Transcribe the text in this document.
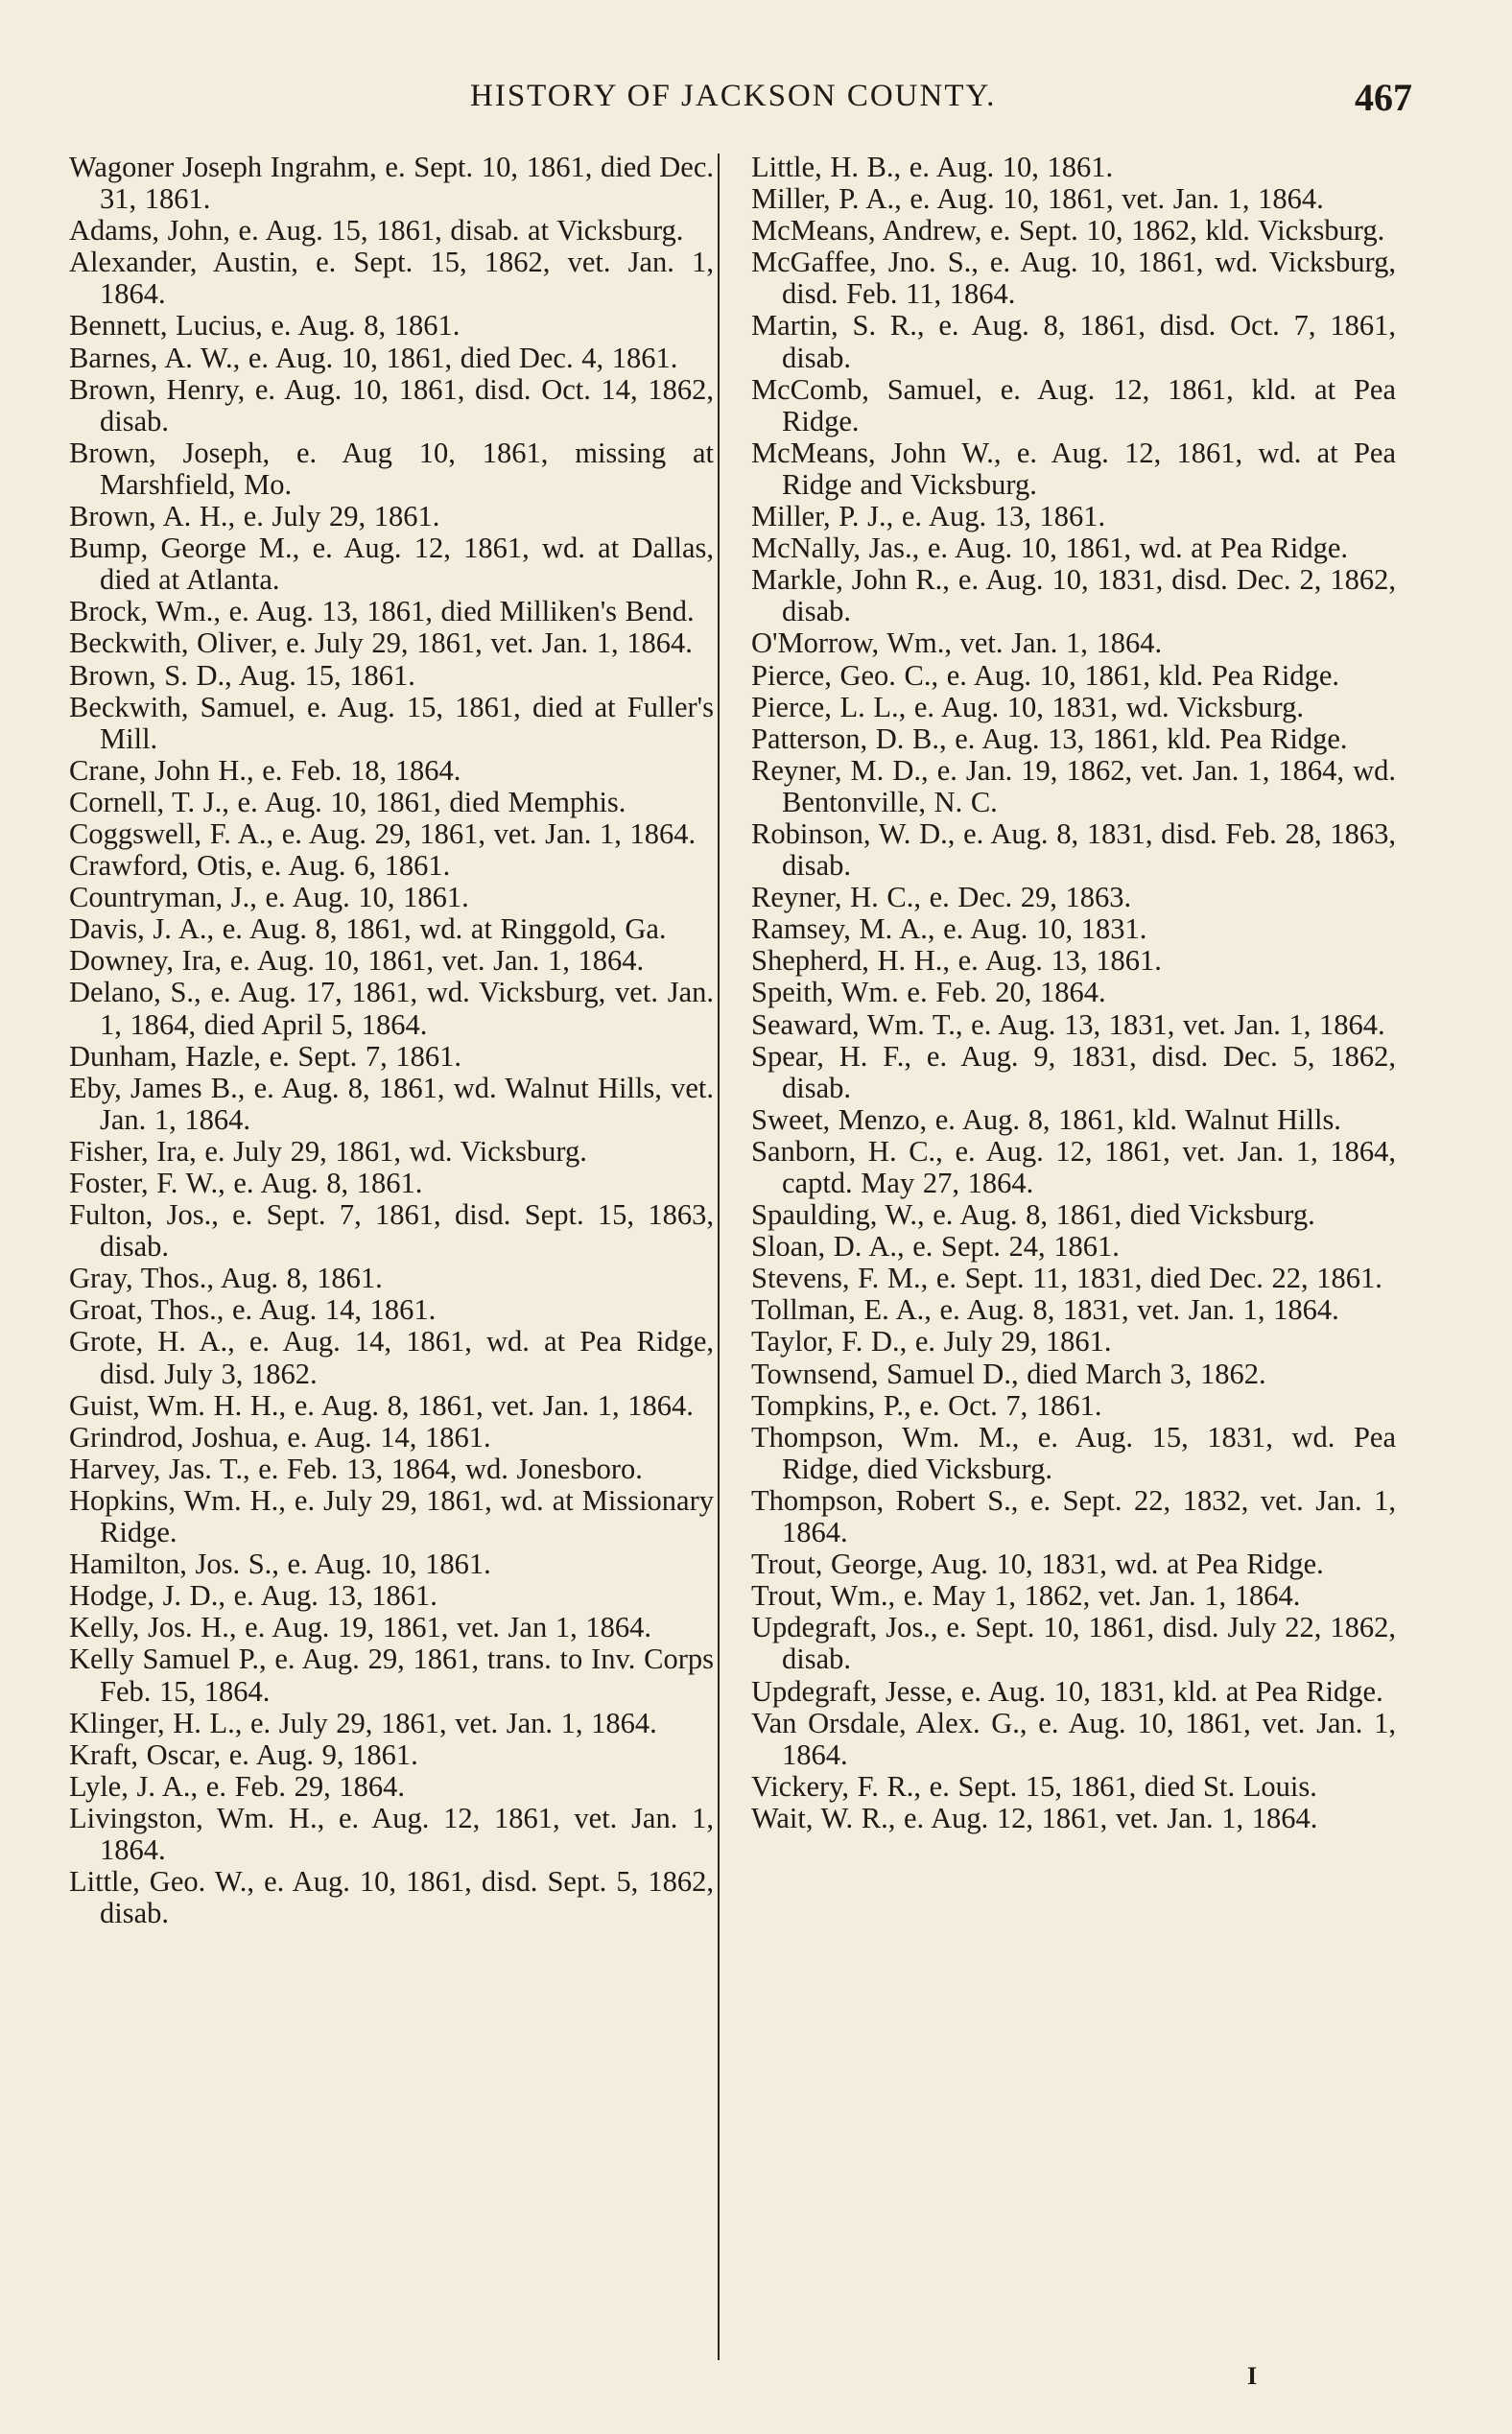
HISTORY OF JACKSON COUNTY.	467

Wagoner Joseph Ingrahm, e. Sept. 10, 1861, died Dec. 31, 1861.

Adams, John, e. Aug. 15, 1861, disab. at Vicksburg.

Alexander, Austin, e. Sept. 15, 1862, vet. Jan. 1, 1864.

Bennett, Lucius, e. Aug. 8, 1861.

Barnes, A. W., e. Aug. 10, 1861, died Dec. 4, 1861.

Brown, Henry, e. Aug. 10, 1861, disd. Oct. 14, 1862, disab.

Brown, Joseph, e. Aug 10, 1861, missing at Marshfield, Mo.

Brown, A. H., e. July 29, 1861.

Bump, George M., e. Aug. 12, 1861, wd. at Dallas, died at Atlanta.

Brock, Wm., e. Aug. 13, 1861, died Milliken's Bend.

Beckwith, Oliver, e. July 29, 1861, vet. Jan. 1, 1864.

Brown, S. D., Aug. 15, 1861.

Beckwith, Samuel, e. Aug. 15, 1861, died at Fuller's Mill.

Crane, John H., e. Feb. 18, 1864.

Cornell, T. J., e. Aug. 10, 1861, died Memphis.

Coggswell, F. A., e. Aug. 29, 1861, vet. Jan. 1, 1864.

Crawford, Otis, e. Aug. 6, 1861.

Countryman, J., e. Aug. 10, 1861.

Davis, J. A., e. Aug. 8, 1861, wd. at Ringgold, Ga.

Downey, Ira, e. Aug. 10, 1861, vet. Jan. 1, 1864.

Delano, S., e. Aug. 17, 1861, wd. Vicksburg, vet. Jan. 1, 1864, died April 5, 1864.

Dunham, Hazle, e. Sept. 7, 1861.

Eby, James B., e. Aug. 8, 1861, wd. Walnut Hills, vet. Jan. 1, 1864.

Fisher, Ira, e. July 29, 1861, wd. Vicksburg.

Foster, F. W., e. Aug. 8, 1861.

Fulton, Jos., e. Sept. 7, 1861, disd. Sept. 15, 1863, disab.

Gray, Thos., Aug. 8, 1861.

Groat, Thos., e. Aug. 14, 1861.

Grote, H. A., e. Aug. 14, 1861, wd. at Pea Ridge, disd. July 3, 1862.

Guist, Wm. H. H., e. Aug. 8, 1861, vet. Jan. 1, 1864.

Grindrod, Joshua, e. Aug. 14, 1861.

Harvey, Jas. T., e. Feb. 13, 1864, wd. Jonesboro.

Hopkins, Wm. H., e. July 29, 1861, wd. at Missionary Ridge.

Hamilton, Jos. S., e. Aug. 10, 1861.

Hodge, J. D., e. Aug. 13, 1861.

Kelly, Jos. H., e. Aug. 19, 1861, vet. Jan 1, 1864.

Kelly Samuel P., e. Aug. 29, 1861, trans. to Inv. Corps Feb. 15, 1864.

Klinger, H. L., e. July 29, 1861, vet. Jan. 1, 1864.

Kraft, Oscar, e. Aug. 9, 1861.

Lyle, J. A., e. Feb. 29, 1864.

Livingston, Wm. H., e. Aug. 12, 1861, vet. Jan. 1, 1864.

Little, Geo. W., e. Aug. 10, 1861, disd. Sept. 5, 1862, disab.

Little, H. B., e. Aug. 10, 1861.

Miller, P. A., e. Aug. 10, 1861, vet. Jan. 1, 1864.

McMeans, Andrew, e. Sept. 10, 1862, kld. Vicksburg.

McGaffee, Jno. S., e. Aug. 10, 1861, wd. Vicksburg, disd. Feb. 11, 1864.

Martin, S. R., e. Aug. 8, 1861, disd. Oct. 7, 1861, disab.

McComb, Samuel, e. Aug. 12, 1861, kld. at Pea Ridge.

McMeans, John W., e. Aug. 12, 1861, wd. at Pea Ridge and Vicksburg.

Miller, P. J., e. Aug. 13, 1861.

McNally, Jas., e. Aug. 10, 1861, wd. at Pea Ridge.

Markle, John R., e. Aug. 10, 1831, disd. Dec. 2, 1862, disab.

O'Morrow, Wm., vet. Jan. 1, 1864.

Pierce, Geo. C., e. Aug. 10, 1861, kld. Pea Ridge.

Pierce, L. L., e. Aug. 10, 1831, wd. Vicksburg.

Patterson, D. B., e. Aug. 13, 1861, kld. Pea Ridge.

Reyner, M. D., e. Jan. 19, 1862, vet. Jan. 1, 1864, wd. Bentonville, N. C.

Robinson, W. D., e. Aug. 8, 1831, disd. Feb. 28, 1863, disab.

Reyner, H. C., e. Dec. 29, 1863.

Ramsey, M. A., e. Aug. 10, 1831.

Shepherd, H. H., e. Aug. 13, 1861.

Speith, Wm. e. Feb. 20, 1864.

Seaward, Wm. T., e. Aug. 13, 1831, vet. Jan. 1, 1864.

Spear, H. F., e. Aug. 9, 1831, disd. Dec. 5, 1862, disab.

Sweet, Menzo, e. Aug. 8, 1861, kld. Walnut Hills.

Sanborn, H. C., e. Aug. 12, 1861, vet. Jan. 1, 1864, captd. May 27, 1864.

Spaulding, W., e. Aug. 8, 1861, died Vicksburg.

Sloan, D. A., e. Sept. 24, 1861.

Stevens, F. M., e. Sept. 11, 1831, died Dec. 22, 1861.

Tollman, E. A., e. Aug. 8, 1831, vet. Jan. 1, 1864.

Taylor, F. D., e. July 29, 1861.

Townsend, Samuel D., died March 3, 1862.

Tompkins, P., e. Oct. 7, 1861.

Thompson, Wm. M., e. Aug. 15, 1831, wd. Pea Ridge, died Vicksburg.

Thompson, Robert S., e. Sept. 22, 1832, vet. Jan. 1, 1864.

Trout, George, Aug. 10, 1831, wd. at Pea Ridge.

Trout, Wm., e. May 1, 1862, vet. Jan. 1, 1864.

Updegraft, Jos., e. Sept. 10, 1861, disd. July 22, 1862, disab.

Updegraft, Jesse, e. Aug. 10, 1831, kld. at Pea Ridge.

Van Orsdale, Alex. G., e. Aug. 10, 1861, vet. Jan. 1, 1864.

Vickery, F. R., e. Sept. 15, 1861, died St. Louis.

Wait, W. R., e. Aug. 12, 1861, vet. Jan. 1, 1864.

I
